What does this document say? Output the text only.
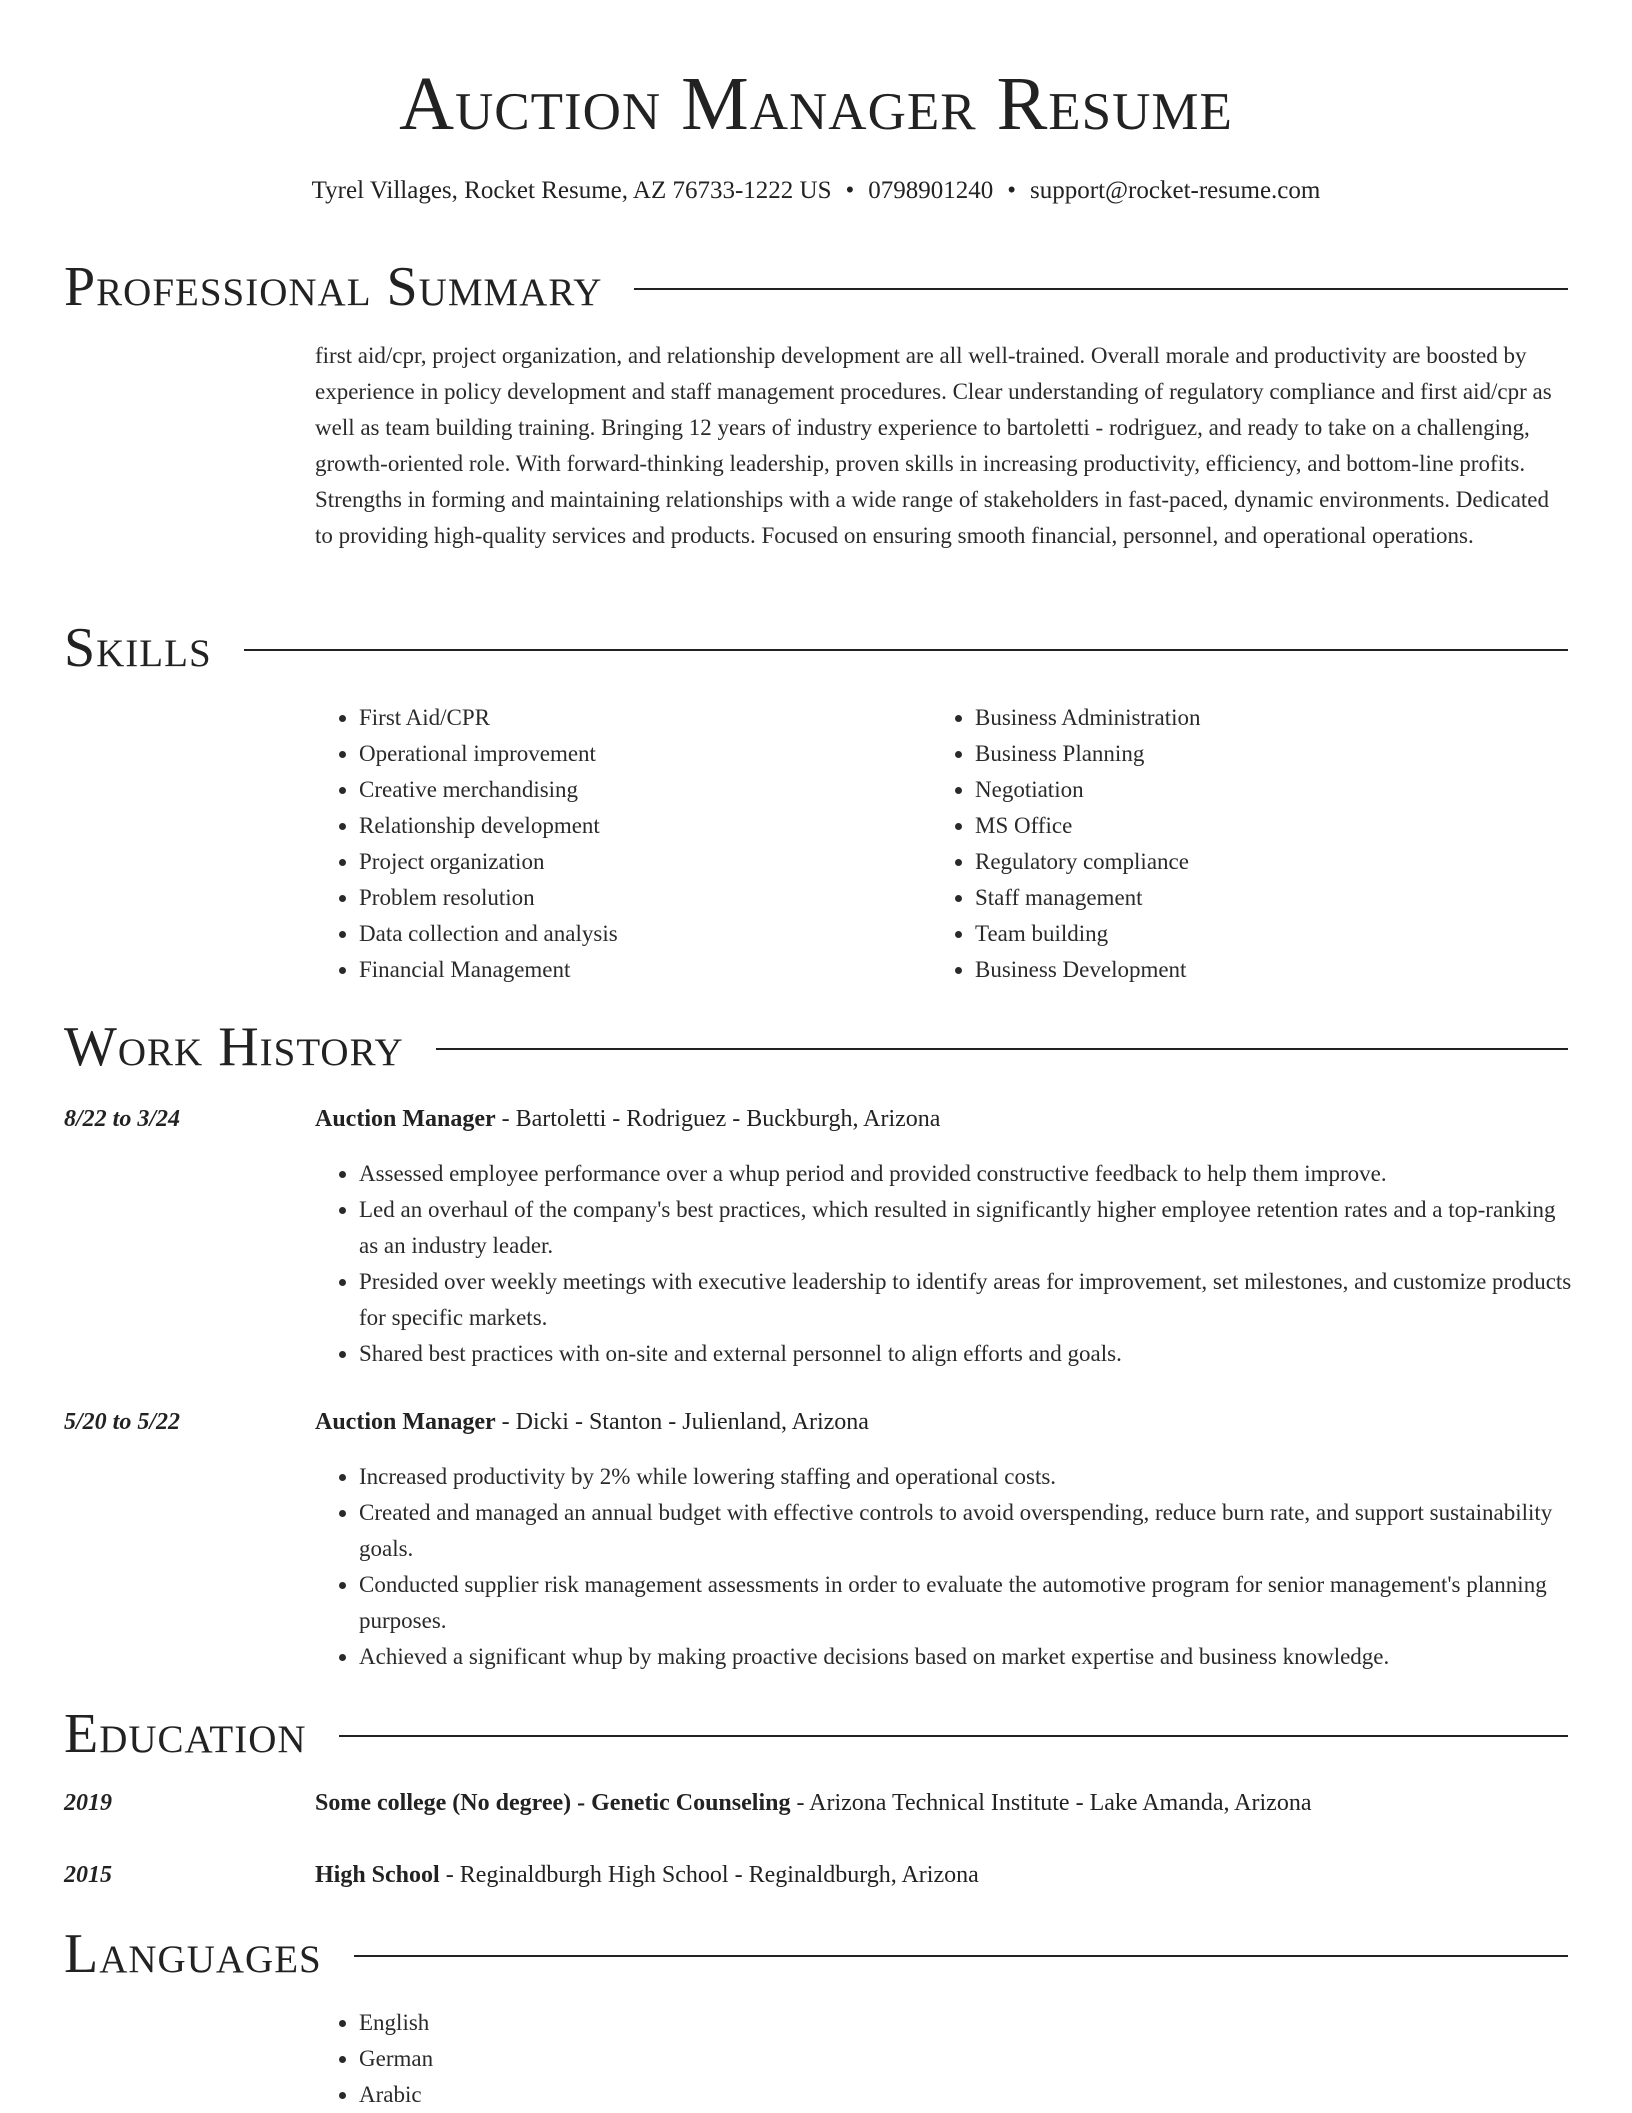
Auction Manager Resume
Tyrel Villages, Rocket Resume, AZ 76733-1222 US • 0798901240 • support@rocket-resume.com
Professional Summary

first aid/cpr, project organization, and relationship development are all well-trained. Overall morale and productivity are boosted by experience in policy development and staff management procedures. Clear understanding of regulatory compliance and first aid/cpr as well as team building training. Bringing 12 years of industry experience to bartoletti - rodriguez, and ready to take on a challenging, growth-oriented role. With forward-thinking leadership, proven skills in increasing productivity, efficiency, and bottom-line profits. Strengths in forming and maintaining relationships with a wide range of stakeholders in fast-paced, dynamic environments. Dedicated to providing high-quality services and products. Focused on ensuring smooth financial, personnel, and operational operations.

Skills
• First Aid/CPR
• Operational improvement
• Creative merchandising
• Relationship development
• Project organization
• Problem resolution
• Data collection and analysis
• Financial Management
• Business Administration
• Business Planning
• Negotiation
• MS Office
• Regulatory compliance
• Staff management
• Team building
• Business Development
Work History
8/22 to 3/24	Auction Manager - Bartoletti - Rodriguez - Buckburgh, Arizona
• Assessed employee performance over a whup period and provided constructive feedback to help them improve.
• Led an overhaul of the company's best practices, which resulted in significantly higher employee retention rates and a top-ranking as an industry leader.
• Presided over weekly meetings with executive leadership to identify areas for improvement, set milestones, and customize products for specific markets.
• Shared best practices with on-site and external personnel to align efforts and goals.
5/20 to 5/22	Auction Manager - Dicki - Stanton - Julienland, Arizona
• Increased productivity by 2% while lowering staffing and operational costs.
• Created and managed an annual budget with effective controls to avoid overspending, reduce burn rate, and support sustainability goals.
• Conducted supplier risk management assessments in order to evaluate the automotive program for senior management's planning purposes.
• Achieved a significant whup by making proactive decisions based on market expertise and business knowledge.
Education
2019	Some college (No degree) - Genetic Counseling - Arizona Technical Institute - Lake Amanda, Arizona
2015	High School - Reginaldburgh High School - Reginaldburgh, Arizona
Languages
• English
• German
• Arabic
